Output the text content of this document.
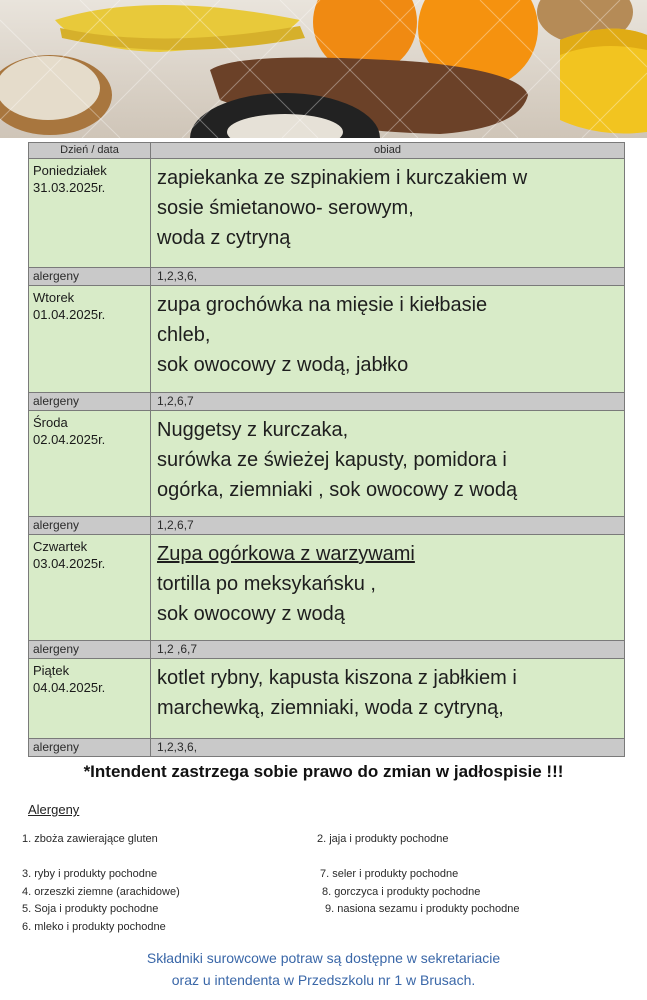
Dzień / data	obiad

Poniedziałek
31.03.2025r.	zapiekanka ze szpinakiem i kurczakiem w
sosie śmietanowo- serowym,
woda z cytryną

alergeny	1,2,3,6,

Wtorek
01.04.2025r.	zupa grochówka na mięsie i kiełbasie
chleb,
sok owocowy z wodą, jabłko

alergeny	1,2,6,7

Środa
02.04.2025r.	Nuggetsy z kurczaka,
surówka ze świeżej kapusty, pomidora i
ogórka, ziemniaki , sok owocowy z wodą

alergeny	1,2,6,7

Czwartek
03.04.2025r.	Zupa ogórkowa z warzywami
tortilla po meksykańsku ,
sok owocowy z wodą

alergeny	1,2 ,6,7

Piątek
04.04.2025r.	kotlet rybny, kapusta kiszona z jabłkiem i
marchewką, ziemniaki, woda z cytryną,

alergeny	1,2,3,6,
*Intendent zastrzega sobie prawo do zmian w jadłospisie !!!
Alergeny
1. zboża zawierające gluten

3. ryby i produkty pochodne
4. orzeszki ziemne (arachidowe)
5. Soja i produkty pochodne
6. mleko i produkty pochodne
2. jaja i produkty pochodne

7. seler i produkty pochodne
8. gorczyca i produkty pochodne
9. nasiona sezamu i produkty pochodne
Składniki surowcowe potraw są dostępne w sekretariacie
oraz u intendenta w Przedszkolu nr 1 w Brusach.
